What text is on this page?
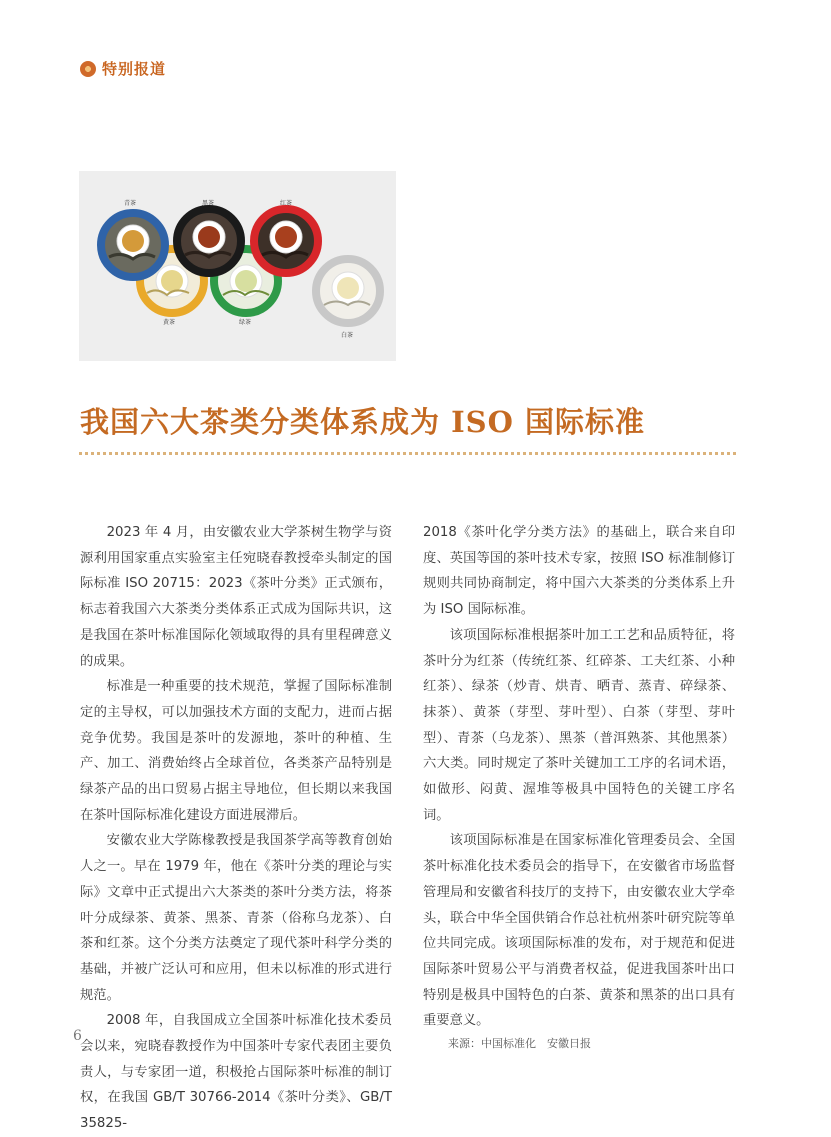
特别报道
青茶	黑茶	红茶
黄茶	绿茶
白茶
我国六大茶类分类体系成为 ISO 国际标准

2023 年 4 月，由安徽农业大学茶树生物学与资源利用国家重点实验室主任宛晓春教授牵头制定的国际标准 ISO 20715：2023《茶叶分类》正式颁布，标志着我国六大茶类分类体系正式成为国际共识，这是我国在茶叶标准国际化领域取得的具有里程碑意义的成果。

标准是一种重要的技术规范，掌握了国际标准制定的主导权，可以加强技术方面的支配力，进而占据竞争优势。我国是茶叶的发源地，茶叶的种植、生产、加工、消费始终占全球首位，各类茶产品特别是绿茶产品的出口贸易占据主导地位，但长期以来我国在茶叶国际标准化建设方面进展滞后。

安徽农业大学陈椽教授是我国茶学高等教育创始人之一。早在 1979 年，他在《茶叶分类的理论与实际》文章中正式提出六大茶类的茶叶分类方法，将茶叶分成绿茶、黄茶、黑茶、青茶（俗称乌龙茶）、白茶和红茶。这个分类方法奠定了现代茶叶科学分类的基础，并被广泛认可和应用，但未以标准的形式进行规范。

2008 年，自我国成立全国茶叶标准化技术委员会以来，宛晓春教授作为中国茶叶专家代表团主要负责人，与专家团一道，积极抢占国际茶叶标准的制订权，在我国 GB/T 30766-2014《茶叶分类》、GB/T 35825-

2018《茶叶化学分类方法》的基础上，联合来自印度、英国等国的茶叶技术专家，按照 ISO 标准制修订规则共同协商制定，将中国六大茶类的分类体系上升为 ISO 国际标准。

该项国际标准根据茶叶加工工艺和品质特征，将茶叶分为红茶（传统红茶、红碎茶、工夫红茶、小种红茶）、绿茶（炒青、烘青、晒青、蒸青、碎绿茶、抹茶）、黄茶（芽型、芽叶型）、白茶（芽型、芽叶型）、青茶（乌龙茶）、黑茶（普洱熟茶、其他黑茶）六大类。同时规定了茶叶关键加工工序的名词术语，如做形、闷黄、渥堆等极具中国特色的关键工序名词。

该项国际标准是在国家标准化管理委员会、全国茶叶标准化技术委员会的指导下，在安徽省市场监督管理局和安徽省科技厅的支持下，由安徽农业大学牵头，联合中华全国供销合作总社杭州茶叶研究院等单位共同完成。该项国际标准的发布，对于规范和促进国际茶叶贸易公平与消费者权益，促进我国茶叶出口特别是极具中国特色的白茶、黄茶和黑茶的出口具有重要意义。

来源：中国标准化　安徽日报
6
